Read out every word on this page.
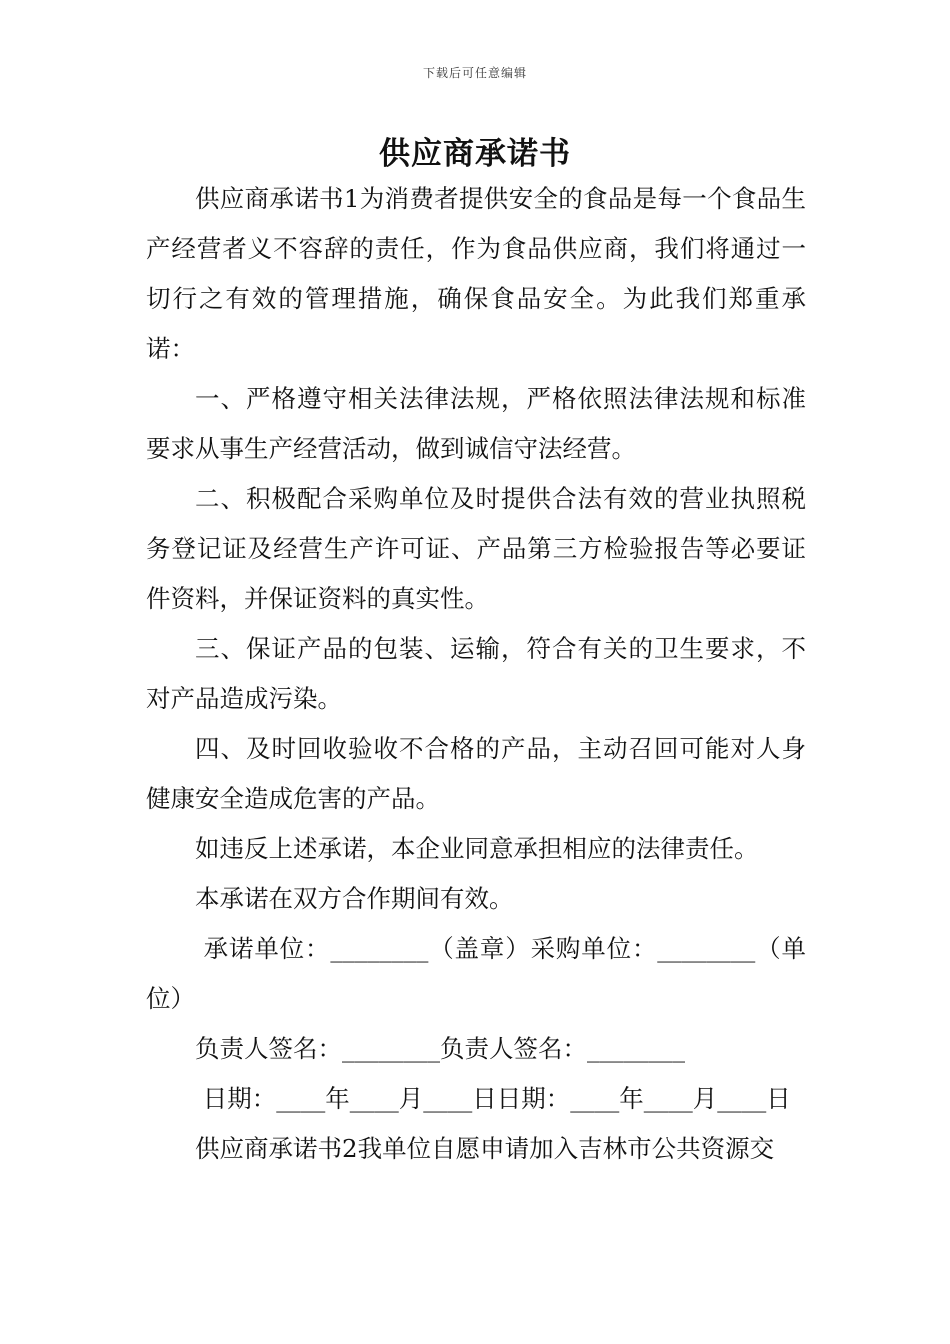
下载后可任意编辑
供应商承诺书

供应商承诺书1为消费者提供安全的食品是每一个食品生产经营者义不容辞的责任，作为食品供应商，我们将通过一切行之有效的管理措施，确保食品安全。为此我们郑重承诺：

一、严格遵守相关法律法规，严格依照法律法规和标准要求从事生产经营活动，做到诚信守法经营。

二、积极配合采购单位及时提供合法有效的营业执照税务登记证及经营生产许可证、产品第三方检验报告等必要证件资料，并保证资料的真实性。

三、保证产品的包装、运输，符合有关的卫生要求，不对产品造成污染。

四、及时回收验收不合格的产品，主动召回可能对人身健康安全造成危害的产品。

如违反上述承诺，本企业同意承担相应的法律责任。

本承诺在双方合作期间有效。

承诺单位：________（盖章）采购单位：________（单位）

负责人签名：________负责人签名：________

日期：____年____月____日日期：____年____月____日

供应商承诺书2我单位自愿申请加入吉林市公共资源交
